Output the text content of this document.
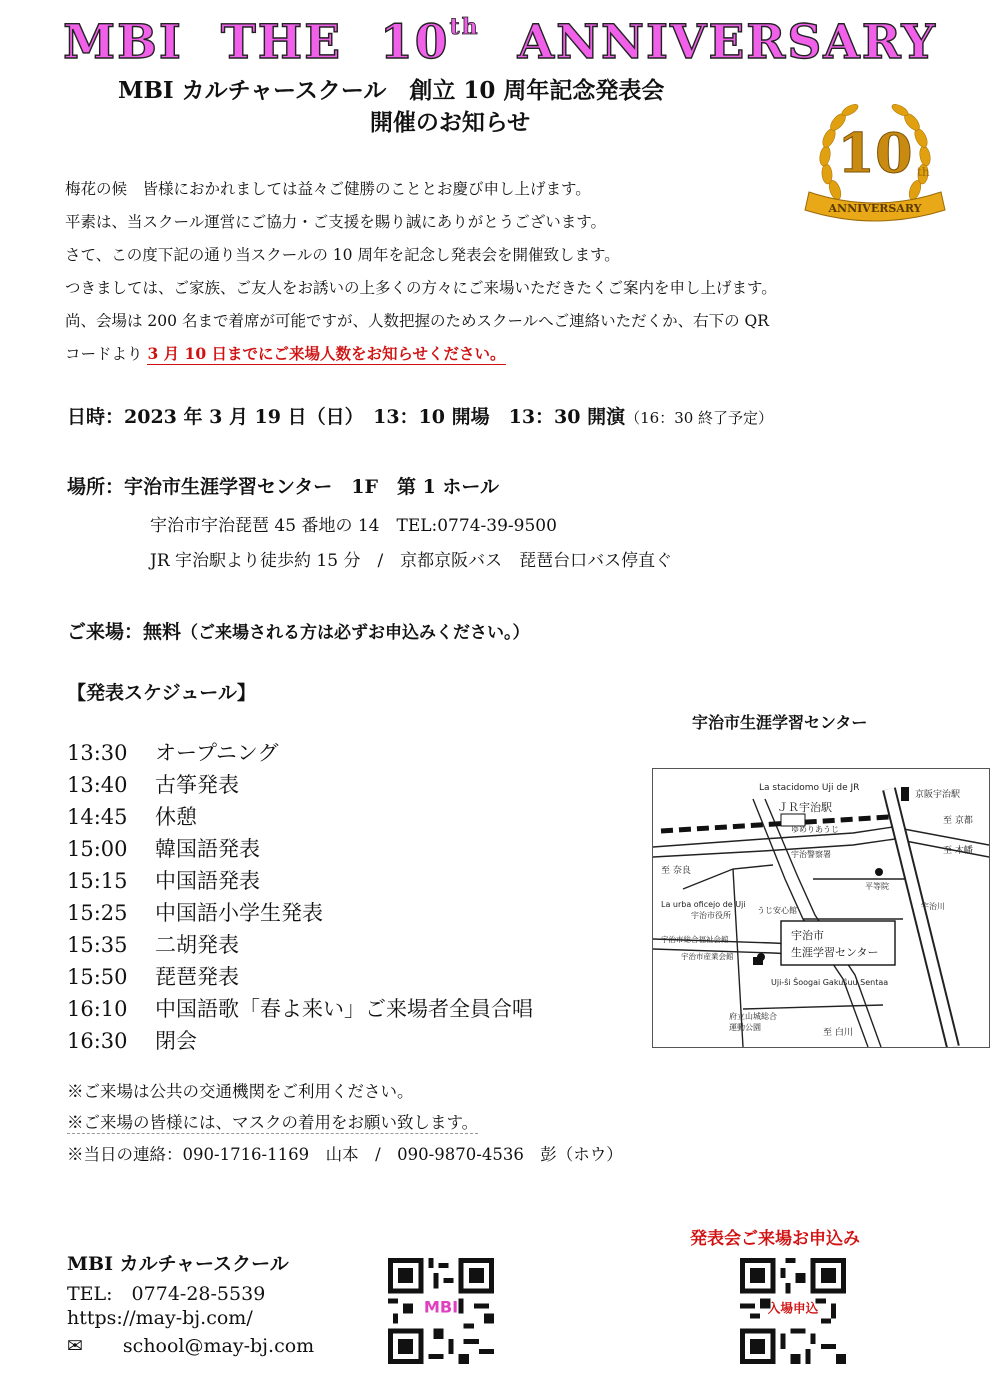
MBI THE 10th ANNIVERSARY
MBI カルチャースクール　創立 10 周年記念発表会
開催のお知らせ	10 th
ANNIVERSARY
梅花の候　皆様におかれましては益々ご健勝のこととお慶び申し上げます。
平素は、当スクール運営にご協力・ご支援を賜り誠にありがとうございます。
さて、この度下記の通り当スクールの 10 周年を記念し発表会を開催致します。
つきましては、ご家族、ご友人をお誘いの上多くの方々にご来場いただきたくご案内を申し上げます。
尚、会場は 200 名まで着席が可能ですが、人数把握のためスクールへご連絡いただくか、右下の QR
コードより 3 月 10 日までにご来場人数をお知らせください。
日時：2023 年 3 月 19 日（日）　13：10 開場　13：30 開演（16：30 終了予定）
場所：宇治市生涯学習センター　1F　第 1 ホール
宇治市宇治琵琶 45 番地の 14　TEL:0774-39-9500
JR 宇治駅より徒歩約 15 分　/　京都京阪バス　琵琶台口バス停直ぐ
ご来場：無料（ご来場される方は必ずお申込みください。）
【発表スケジュール】
13:30 オープニング
13:40 古筝発表
14:45 休憩
15:00 韓国語発表
15:15 中国語発表
15:25 中国語小学生発表
15:35 二胡発表
15:50 琵琶発表
16:10 中国語歌「春よ来い」ご来場者全員合唱
16:30 閉会
宇治市生涯学習センター
La stacidomo Uji de JR
京阪宇治駅
ＪＲ宇治駅
ゆめりあうじ
至 京都
至 奈良
至 木幡
宇治警察署
平等院
La urba oficejo de Uji
宇治市役所
うじ安心館
宇治市総合福祉会館
宇治市産業会館
宇治川
宇治市
生涯学習センター
Uji-ŝi Ŝoogai Gakuŝuu Sentaa
府立山城総合
運動公園
至 白川
※ご来場は公共の交通機関をご利用ください。
※ご来場の皆様には、マスクの着用をお願い致します。
※当日の連絡：090-1716-1169　山本　/　090-9870-4536　彭（ホウ）
MBI カルチャースクール
TEL:　0774-28-5539
https://may-bj.com/
✉ school@may-bj.com
MBI
発表会ご来場お申込み
入場申込
